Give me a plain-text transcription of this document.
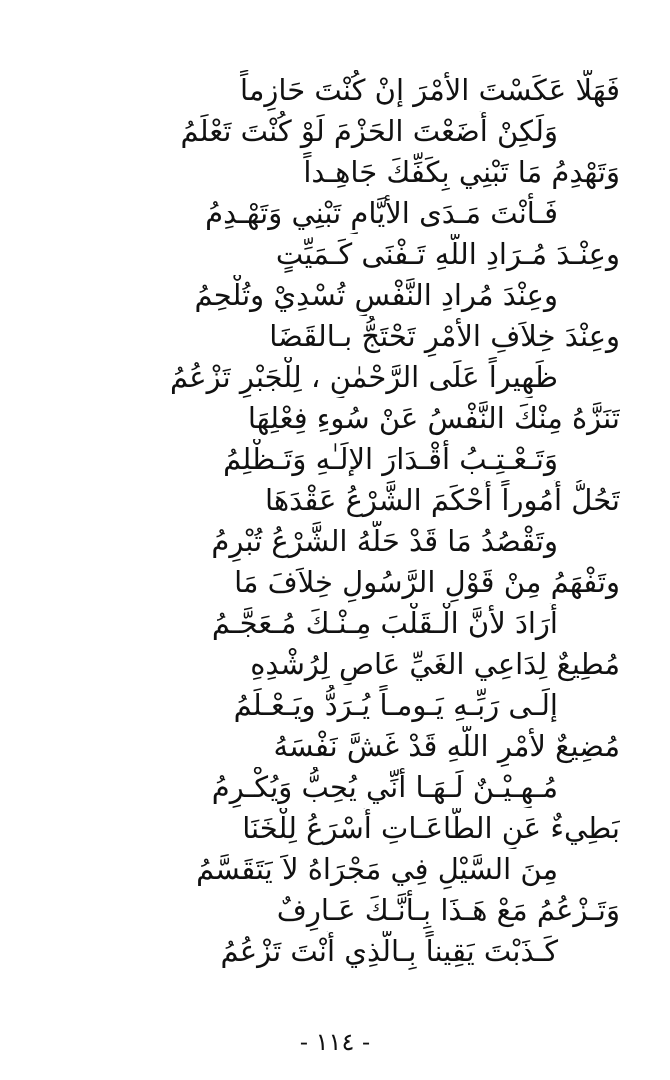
فَهَلَّا عَكَسْتَ الأمْرَ إنْ كُنْتَ حَازِماً
وَلَكِنْ أَضَعْتَ الحَزْمَ لَوْ كُنْتَ تَعْلَمُ
وَتَهْدِمُ مَا تَبْنِي بِكَفِّكَ جَاهِـداً
فَـأَنْتَ مَـدَى الأيَّامِ تَبْنِي وَتَهْـدِمُ
وعِنْـدَ مُـرَادِ اللّهِ تَـفْنَى كَـمَيِّتٍ
وعِنْدَ مُرادِ النَّفْسِ تُسْدِيْ وتُلْحِمُ
وعِنْدَ خِلاَفِ الأمْرِ تَحْتَجُّ بـالقَضَا
ظَهِيراً عَلَى الرَّحْمٰنِ ، لِلْجَبْرِ تَزْعُمُ
تَنَزَّهُ مِنْكَ النَّفْسُ عَنْ سُوءِ فِعْلِهَا
وَتَـعْـتِـبُ أقْـدَارَ الإلَـٰهِ وَتَـظْلِمُ
تَحُلُّ أُمُوراً أَحْكَمَ الشَّرْعُ عَقْدَهَا
وتَقْصُدُ مَا قَدْ حَلَّهُ الشَّرْعُ تُبْرِمُ
وتَفْهَمُ مِنْ قَوْلِ الرَّسُولِ خِلاَفَ مَا
أَرَادَ لأنَّ الْـقَلْبَ مِـنْـكَ مُـعَجَّـمُ
مُطِيعٌ لِدَاعِي الغَيِّ عَاصٍ لِرُشْدِهِ
إلَـى رَبِّـهِ يَـومـاً يُـرَدُّ ويَـعْـلَمُ
مُضِيعٌ لأمْرِ اللّهِ قَدْ غَشَّ نَفْسَهُ
مُـهِـيْـنٌ لَـهَـا أنِّي يُحِبُّ وَيُكْـرِمُ
بَطِيءٌ عَنِ الطَّاعَـاتِ أَسْرَعُ لِلْخَنَا
مِنَ السَّيْلِ فِي مَجْرَاهُ لاَ يَتَقَسَّمُ
وَتَـزْعُمُ مَعْ هَـذَا بِـأنَّـكَ عَـارِفٌ
كَـذَبْتَ يَقِيناً بِـالَّذِي أَنْتَ تَزْعُمُ
- ١١٤ -
